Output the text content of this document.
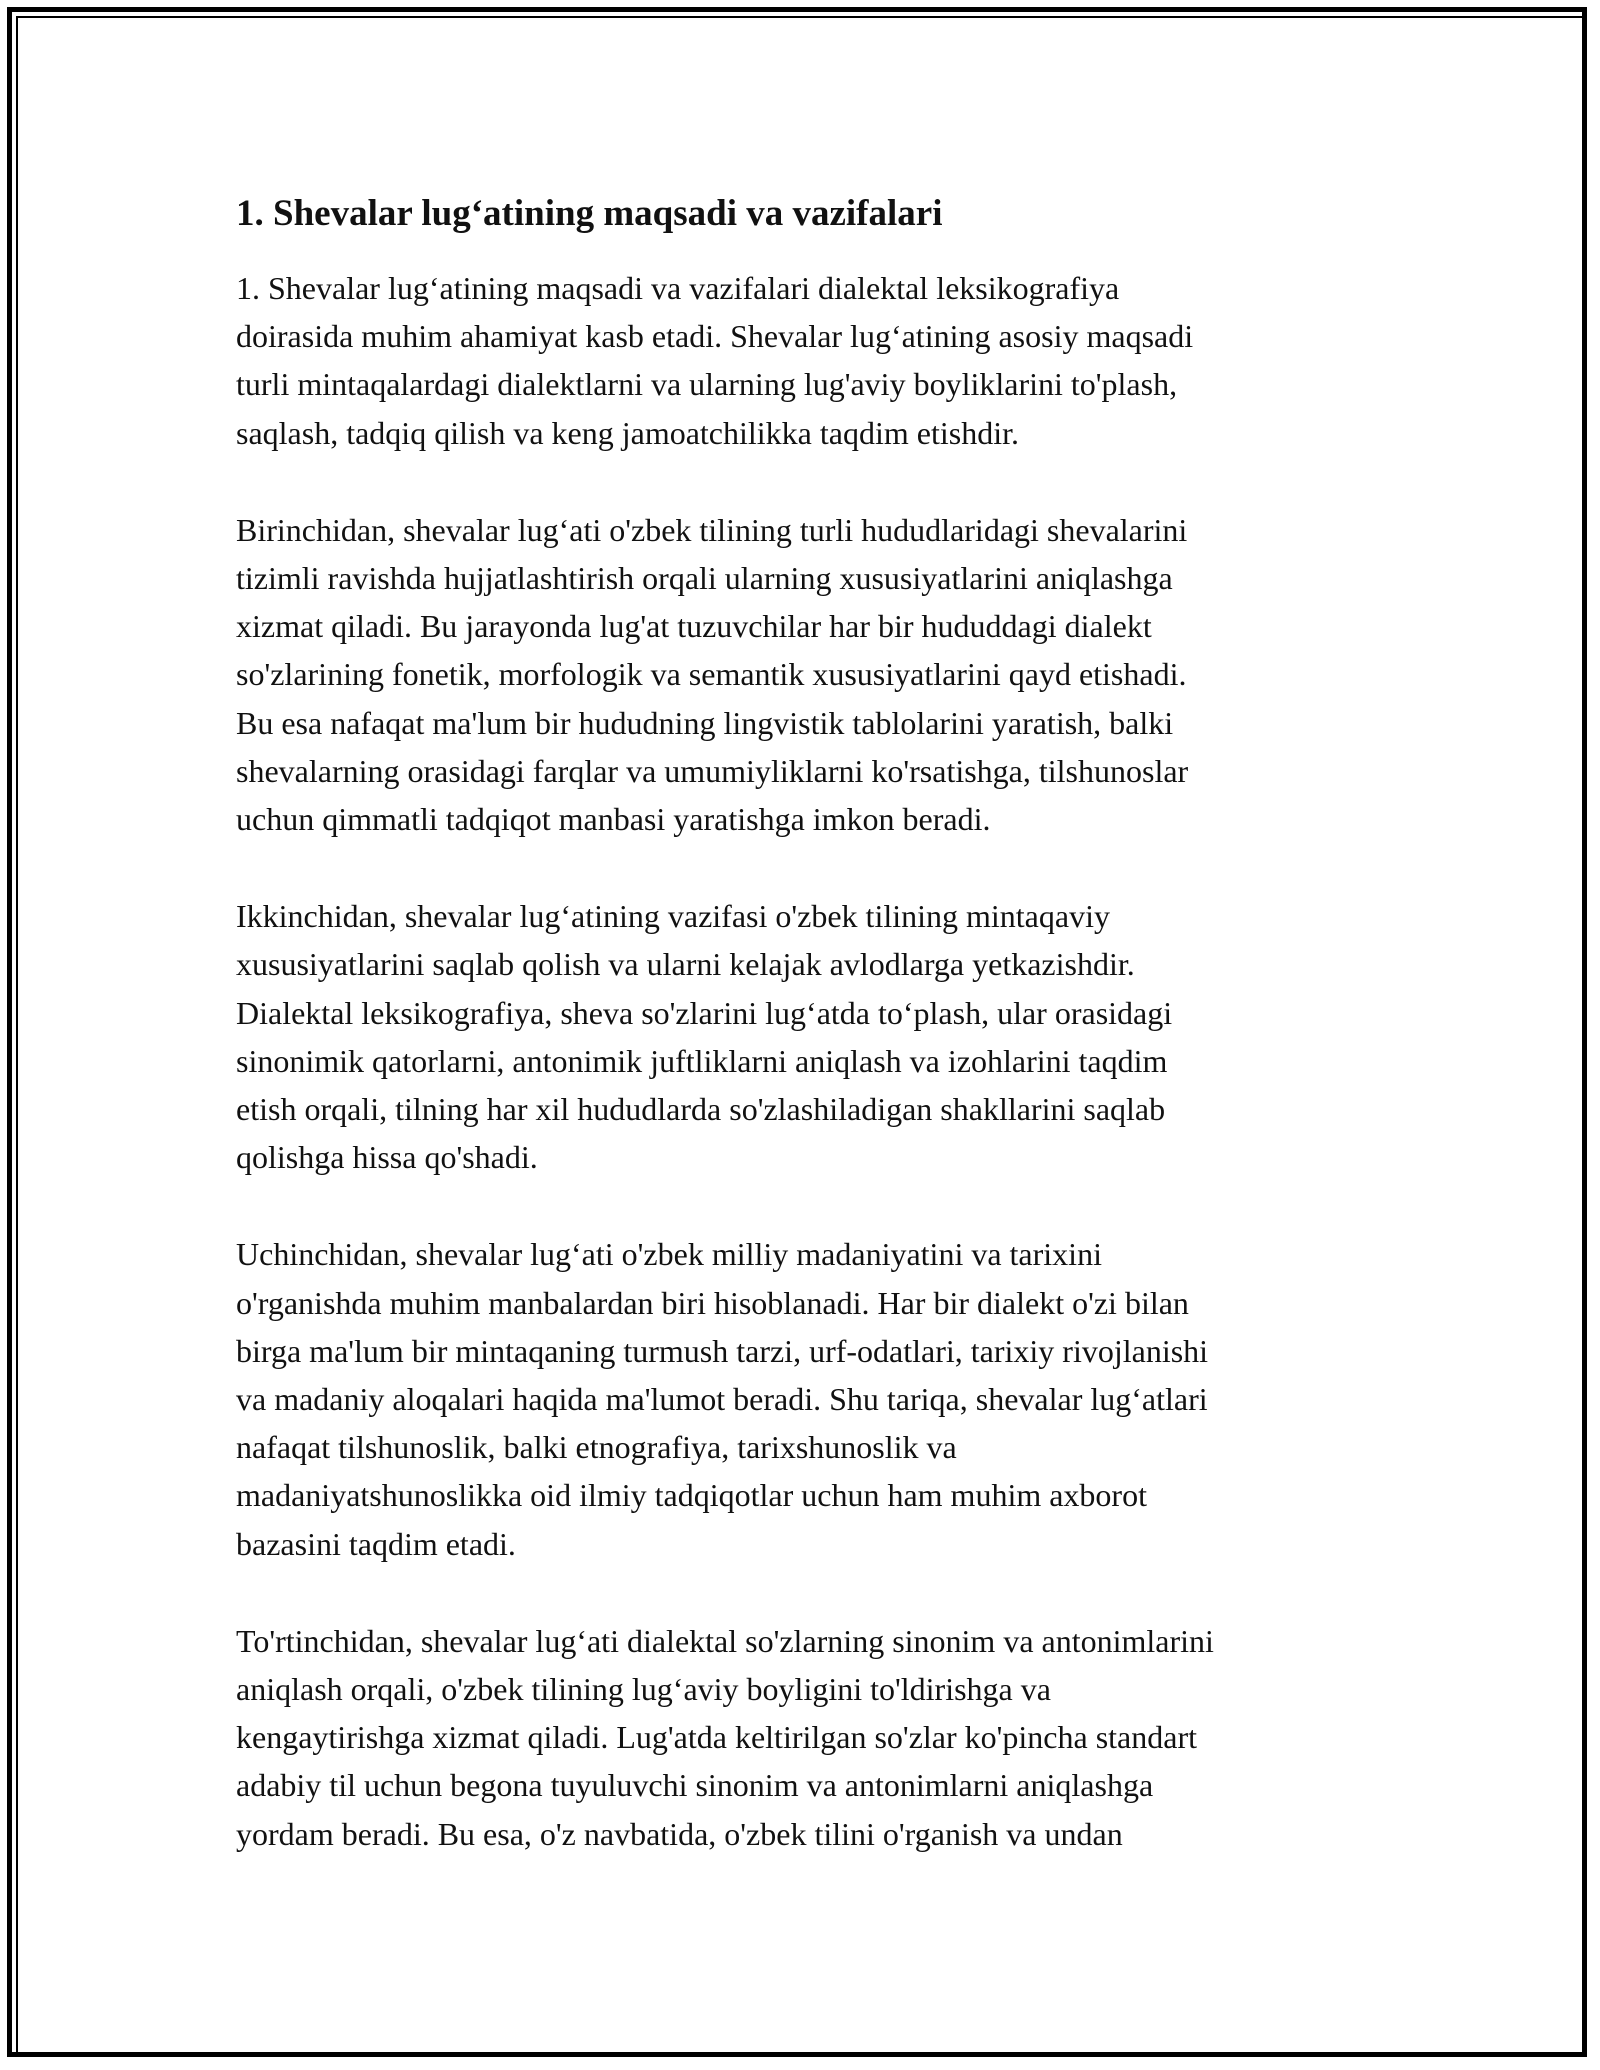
1. Shevalar lug‘atining maqsadi va vazifalari

1. Shevalar lug‘atining maqsadi va vazifalari dialektal leksikografiya
doirasida muhim ahamiyat kasb etadi. Shevalar lug‘atining asosiy maqsadi
turli mintaqalardagi dialektlarni va ularning lug'aviy boyliklarini to'plash,
saqlash, tadqiq qilish va keng jamoatchilikka taqdim etishdir.

Birinchidan, shevalar lug‘ati o'zbek tilining turli hududlaridagi shevalarini
tizimli ravishda hujjatlashtirish orqali ularning xususiyatlarini aniqlashga
xizmat qiladi. Bu jarayonda lug'at tuzuvchilar har bir hududdagi dialekt
so'zlarining fonetik, morfologik va semantik xususiyatlarini qayd etishadi.
Bu esa nafaqat ma'lum bir hududning lingvistik tablolarini yaratish, balki
shevalarning orasidagi farqlar va umumiyliklarni ko'rsatishga, tilshunoslar
uchun qimmatli tadqiqot manbasi yaratishga imkon beradi.

Ikkinchidan, shevalar lug‘atining vazifasi o'zbek tilining mintaqaviy
xususiyatlarini saqlab qolish va ularni kelajak avlodlarga yetkazishdir.
Dialektal leksikografiya, sheva so'zlarini lug‘atda to‘plash, ular orasidagi
sinonimik qatorlarni, antonimik juftliklarni aniqlash va izohlarini taqdim
etish orqali, tilning har xil hududlarda so'zlashiladigan shakllarini saqlab
qolishga hissa qo'shadi.

Uchinchidan, shevalar lug‘ati o'zbek milliy madaniyatini va tarixini
o'rganishda muhim manbalardan biri hisoblanadi. Har bir dialekt o'zi bilan
birga ma'lum bir mintaqaning turmush tarzi, urf-odatlari, tarixiy rivojlanishi
va madaniy aloqalari haqida ma'lumot beradi. Shu tariqa, shevalar lug‘atlari
nafaqat tilshunoslik, balki etnografiya, tarixshunoslik va
madaniyatshunoslikka oid ilmiy tadqiqotlar uchun ham muhim axborot
bazasini taqdim etadi.

To'rtinchidan, shevalar lug‘ati dialektal so'zlarning sinonim va antonimlarini
aniqlash orqali, o'zbek tilining lug‘aviy boyligini to'ldirishga va
kengaytirishga xizmat qiladi. Lug'atda keltirilgan so'zlar ko'pincha standart
adabiy til uchun begona tuyuluvchi sinonim va antonimlarni aniqlashga
yordam beradi. Bu esa, o'z navbatida, o'zbek tilini o'rganish va undan
